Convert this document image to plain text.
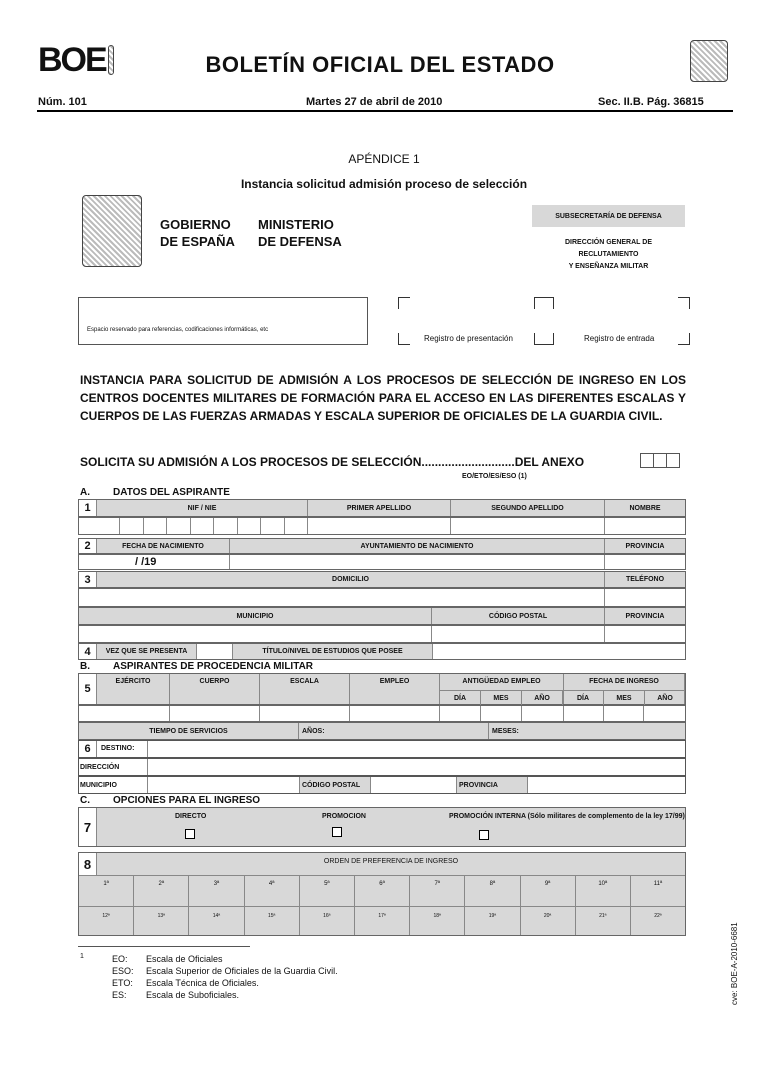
BOE	BOLETÍN OFICIAL DEL ESTADO
Núm. 101	Martes 27 de abril de 2010	Sec. II.B. Pág. 36815
APÉNDICE 1
Instancia solicitud admisión proceso de selección
GOBIERNO
DE ESPAÑA
MINISTERIO
DE DEFENSA
SUBSECRETARÍA DE DEFENSA
DIRECCIÓN GENERAL DE
RECLUTAMIENTO
Y ENSEÑANZA MILITAR
Espacio reservado para referencias, codificaciones informáticas, etc
Registro de presentación	Registro de entrada
INSTANCIA PARA SOLICITUD DE ADMISIÓN A LOS PROCESOS DE SELECCIÓN DE INGRESO EN LOS CENTROS DOCENTES MILITARES DE FORMACIÓN PARA EL ACCESO EN LAS DIFERENTES ESCALAS Y CUERPOS DE LAS FUERZAS ARMADAS Y ESCALA SUPERIOR DE OFICIALES DE LA GUARDIA CIVIL.
SOLICITA SU ADMISIÓN A LOS PROCESOS DE SELECCIÓN............................DEL ANEXO
EO/ETO/ES/ESO (1)
A. DATOS DEL ASPIRANTE
1	NIF / NIE	PRIMER APELLIDO	SEGUNDO APELLIDO	NOMBRE
2	FECHA DE NACIMIENTO	AYUNTAMIENTO DE NACIMIENTO	PROVINCIA
/ /19
3	DOMICILIO	TELÉFONO
MUNICIPIO	CÓDIGO POSTAL	PROVINCIA
4	VEZ QUE SE PRESENTA	TÍTULO/NIVEL DE ESTUDIOS QUE POSEE
B. ASPIRANTES DE PROCEDENCIA MILITAR
5
EJÉRCITO	CUERPO	ESCALA	EMPLEO	ANTIGÜEDAD EMPLEO	FECHA DE INGRESO
DÍA	MES	AÑO	DÍA	MES	AÑO
TIEMPO DE SERVICIOS	AÑOS:	MESES:
6	DESTINO:
DIRECCIÓN
MUNICIPIO	CÓDIGO POSTAL	PROVINCIA
C. OPCIONES PARA EL INGRESO
7
DIRECTO	PROMOCION	PROMOCIÓN INTERNA (Sólo militares de complemento de la ley 17/99)
8	ORDEN DE PREFERENCIA DE INGRESO
1ª	2ª	3ª	4ª	5ª	6ª	7ª	8ª	9ª	10ª	11ª
12ª	13ª	14ª	15ª	16ª	17ª	18ª	19ª	20ª	21ª	22ª
1	EO:	Escala de Oficiales
ESO:	Escala Superior de Oficiales de la Guardia Civil.
ETO:	Escala Técnica de Oficiales.
ES:	Escala de Suboficiales.	cve: BOE-A-2010-6681
